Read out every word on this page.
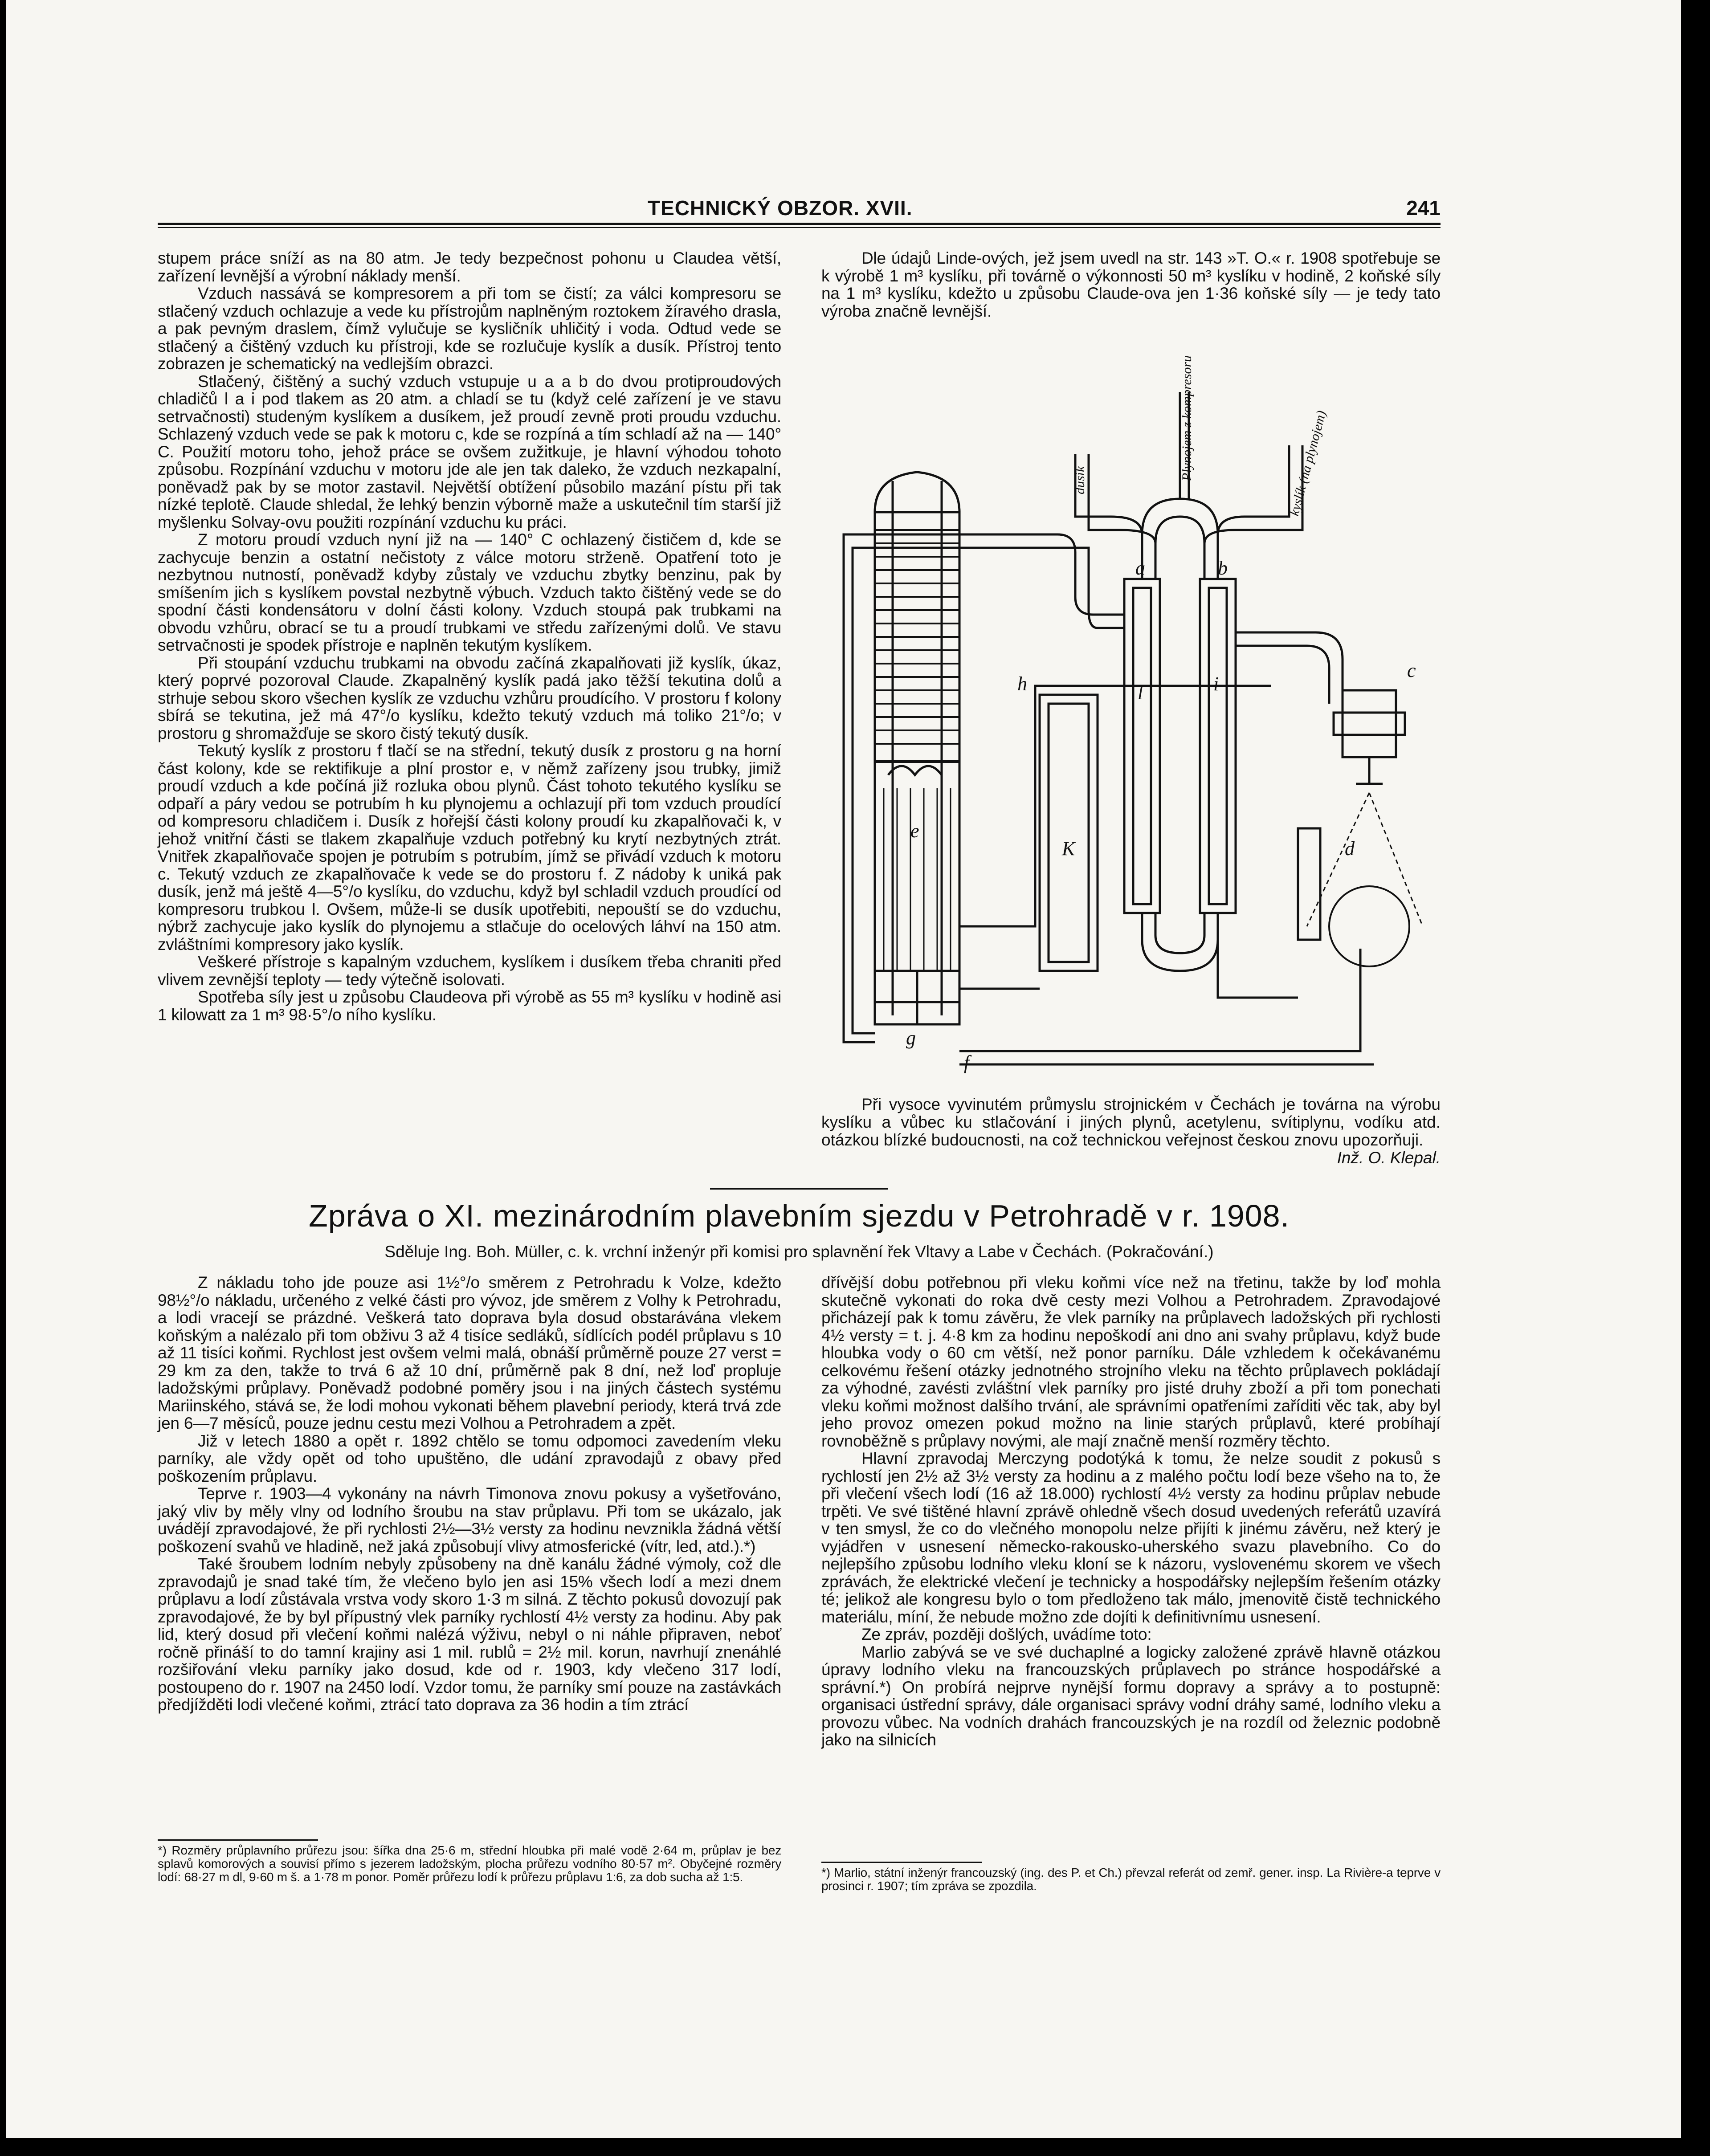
TECHNICKÝ OBZOR. XVII.	241

stupem práce sníží as na 80 atm. Je tedy bezpečnost pohonu u Claudea větší, zařízení levnější a výrobní náklady menší.

Vzduch nassává se kompresorem a při tom se čistí; za válci kompresoru se stlačený vzduch ochlazuje a vede ku přístrojům naplněným roztokem žíravého drasla, a pak pevným draslem, čímž vylučuje se kysličník uhličitý i voda. Odtud vede se stlačený a čištěný vzduch ku přístroji, kde se rozlučuje kyslík a dusík. Přístroj tento zobrazen je schematický na vedlejším obrazci.

Stlačený, čištěný a suchý vzduch vstupuje u a a b do dvou protiproudových chladičů l a i pod tlakem as 20 atm. a chladí se tu (když celé zařízení je ve stavu setrvačnosti) studeným kyslíkem a dusíkem, jež proudí zevně proti proudu vzduchu. Schlazený vzduch vede se pak k motoru c, kde se rozpíná a tím schladí až na — 140° C. Použití motoru toho, jehož práce se ovšem zužitkuje, je hlavní výhodou tohoto způsobu. Rozpínání vzduchu v motoru jde ale jen tak daleko, že vzduch nezkapalní, poněvadž pak by se motor zastavil. Největší obtížení působilo mazání pístu při tak nízké teplotě. Claude shledal, že lehký benzin výborně maže a uskutečnil tím starší již myšlenku Solvay-ovu použiti rozpínání vzduchu ku práci.

Z motoru proudí vzduch nyní již na — 140° C ochlazený čističem d, kde se zachycuje benzin a ostatní nečistoty z válce motoru strženě. Opatření toto je nezbytnou nutností, poněvadž kdyby zůstaly ve vzduchu zbytky benzinu, pak by smíšením jich s kyslíkem povstal nezbytně výbuch. Vzduch takto čištěný vede se do spodní části kondensátoru v dolní části kolony. Vzduch stoupá pak trubkami na obvodu vzhůru, obrací se tu a proudí trubkami ve středu zařízenými dolů. Ve stavu setrvačnosti je spodek přístroje e naplněn tekutým kyslíkem.

Při stoupání vzduchu trubkami na obvodu začíná zkapalňovati již kyslík, úkaz, který poprvé pozoroval Claude. Zkapalněný kyslík padá jako těžší tekutina dolů a strhuje sebou skoro všechen kyslík ze vzduchu vzhůru proudícího. V prostoru f kolony sbírá se tekutina, jež má 47°/o kyslíku, kdežto tekutý vzduch má toliko 21°/o; v prostoru g shromažďuje se skoro čistý tekutý dusík.

Tekutý kyslík z prostoru f tlačí se na střední, tekutý dusík z prostoru g na horní část kolony, kde se rektifikuje a plní prostor e, v němž zařízeny jsou trubky, jimiž proudí vzduch a kde počíná již rozluka obou plynů. Část tohoto tekutého kyslíku se odpaří a páry vedou se potrubím h ku plynojemu a ochlazují při tom vzduch proudící od kompresoru chladičem i. Dusík z hořejší části kolony proudí ku zkapalňovači k, v jehož vnitřní části se tlakem zkapalňuje vzduch potřebný ku krytí nezbytných ztrát. Vnitřek zkapalňovače spojen je potrubím s potrubím, jímž se přivádí vzduch k motoru c. Tekutý vzduch ze zkapalňovače k vede se do prostoru f. Z nádoby k uniká pak dusík, jenž má ještě 4—5°/o kyslíku, do vzduchu, když byl schladil vzduch proudící od kompresoru trubkou l. Ovšem, může-li se dusík upotřebiti, nepouští se do vzduchu, nýbrž zachycuje jako kyslík do plynojemu a stlačuje do ocelových láhví na 150 atm. zvláštními kompresory jako kyslík.

Veškeré přístroje s kapalným vzduchem, kyslíkem i dusíkem třeba chraniti před vlivem zevnější teploty — tedy výtečně isolovati.

Spotřeba síly jest u způsobu Claudeova při výrobě as 55 m³ kyslíku v hodině asi 1 kilowatt za 1 m³ 98·5°/o ního kyslíku.

Dle údajů Linde-ových, jež jsem uvedl na str. 143 »T. O.« r. 1908 spotřebuje se k výrobě 1 m³ kyslíku, při továrně o výkonnosti 50 m³ kyslíku v hodině, 2 koňské síly na 1 m³ kyslíku, kdežto u způsobu Claude-ova jen 1·36 koňské síly — je tedy tato výroba značně levnější.

g
f
e
K
l	i
a	b
h
c
d
dusík	Plynojem z kompresoru	kyslík (na plynojem)

Při vysoce vyvinutém průmyslu strojnickém v Čechách je továrna na výrobu kyslíku a vůbec ku stlačování i jiných plynů, acetylenu, svítiplynu, vodíku atd. otázkou blízké budoucnosti, na což technickou veřejnost českou znovu upozorňuji.
Inž. O. Klepal.

Zpráva o XI. mezinárodním plavebním sjezdu v Petrohradě v r. 1908.
Sděluje Ing. Boh. Müller, c. k. vrchní inženýr při komisi pro splavnění řek Vltavy a Labe v Čechách. (Pokračování.)

Z nákladu toho jde pouze asi 1½°/o směrem z Petrohradu k Volze, kdežto 98½°/o nákladu, určeného z velké části pro vývoz, jde směrem z Volhy k Petrohradu, a lodi vracejí se prázdné. Veškerá tato doprava byla dosud obstarávána vlekem koňským a nalézalo při tom obživu 3 až 4 tisíce sedláků, sídlících podél průplavu s 10 až 11 tisíci koňmi. Rychlost jest ovšem velmi malá, obnáší průměrně pouze 27 verst = 29 km za den, takže to trvá 6 až 10 dní, průměrně pak 8 dní, než loď propluje ladožskými průplavy. Poněvadž podobné poměry jsou i na jiných částech systému Mariinského, stává se, že lodi mohou vykonati během plavební periody, která trvá zde jen 6—7 měsíců, pouze jednu cestu mezi Volhou a Petrohradem a zpět.

Již v letech 1880 a opět r. 1892 chtělo se tomu odpomoci zavedením vleku parníky, ale vždy opět od toho upuštěno, dle udání zpravodajů z obavy před poškozením průplavu.

Teprve r. 1903—4 vykonány na návrh Timonova znovu pokusy a vyšetřováno, jaký vliv by měly vlny od lodního šroubu na stav průplavu. Při tom se ukázalo, jak uvádějí zpravodajové, že při rychlosti 2½—3½ versty za hodinu nevznikla žádná větší poškození svahů ve hladině, než jaká způsobují vlivy atmosferické (vítr, led, atd.).*)

Také šroubem lodním nebyly způsobeny na dně kanálu žádné výmoly, což dle zpravodajů je snad také tím, že vlečeno bylo jen asi 15% všech lodí a mezi dnem průplavu a lodí zůstávala vrstva vody skoro 1·3 m silná. Z těchto pokusů dovozují pak zpravodajové, že by byl přípustný vlek parníky rychlostí 4½ versty za hodinu. Aby pak lid, který dosud při vlečení koňmi nalézá výživu, nebyl o ni náhle připraven, neboť ročně přináší to do tamní krajiny asi 1 mil. rublů = 2½ mil. korun, navrhují znenáhlé rozšiřování vleku parníky jako dosud, kde od r. 1903, kdy vlečeno 317 lodí, postoupeno do r. 1907 na 2450 lodí. Vzdor tomu, že parníky smí pouze na zastávkách předjížděti lodi vlečené koňmi, ztrácí tato doprava za 36 hodin a tím ztrácí

*) Rozměry průplavního průřezu jsou: šířka dna 25·6 m, střední hloubka při malé vodě 2·64 m, průplav je bez splavů komorových a souvisí přímo s jezerem ladožským, plocha průřezu vodního 80·57 m². Obyčejné rozměry lodí: 68·27 m dl, 9·60 m š. a 1·78 m ponor. Poměr průřezu lodí k průřezu průplavu 1:6, za dob sucha až 1:5.

dřívější dobu potřebnou při vleku koňmi více než na třetinu, takže by loď mohla skutečně vykonati do roka dvě cesty mezi Volhou a Petrohradem. Zpravodajové přicházejí pak k tomu závěru, že vlek parníky na průplavech ladožských při rychlosti 4½ versty = t. j. 4·8 km za hodinu nepoškodí ani dno ani svahy průplavu, když bude hloubka vody o 60 cm větší, než ponor parníku. Dále vzhledem k očekávanému celkovému řešení otázky jednotného strojního vleku na těchto průplavech pokládají za výhodné, zavésti zvláštní vlek parníky pro jisté druhy zboží a při tom ponechati vleku koňmi možnost dalšího trvání, ale správními opatřeními zaříditi věc tak, aby byl jeho provoz omezen pokud možno na linie starých průplavů, které probíhají rovnoběžně s průplavy novými, ale mají značně menší rozměry těchto.

Hlavní zpravodaj Merczyng podotýká k tomu, že nelze soudit z pokusů s rychlostí jen 2½ až 3½ versty za hodinu a z malého počtu lodí beze všeho na to, že při vlečení všech lodí (16 až 18.000) rychlostí 4½ versty za hodinu průplav nebude trpěti. Ve své tištěné hlavní zprávě ohledně všech dosud uvedených referátů uzavírá v ten smysl, že co do vlečného monopolu nelze přijíti k jinému závěru, než který je vyjádřen v usnesení německo-rakousko-uherského svazu plavebního. Co do nejlepšího způsobu lodního vleku kloní se k názoru, vyslovenému skorem ve všech zprávách, že elektrické vlečení je technicky a hospodářsky nejlepším řešením otázky té; jelikož ale kongresu bylo o tom předloženo tak málo, jmenovitě čistě technického materiálu, míní, že nebude možno zde dojíti k definitivnímu usnesení.

Ze zpráv, později došlých, uvádíme toto:

Marlio zabývá se ve své duchaplné a logicky založené zprávě hlavně otázkou úpravy lodního vleku na francouzských průplavech po stránce hospodářské a správní.*) On probírá nejprve nynější formu dopravy a správy a to postupně: organisaci ústřední správy, dále organisaci správy vodní dráhy samé, lodního vleku a provozu vůbec. Na vodních drahách francouzských je na rozdíl od železnic podobně jako na silnicích

*) Marlio, státní inženýr francouzský (ing. des P. et Ch.) převzal referát od zemř. gener. insp. La Rivière-a teprve v prosinci r. 1907; tím zpráva se zpozdila.
